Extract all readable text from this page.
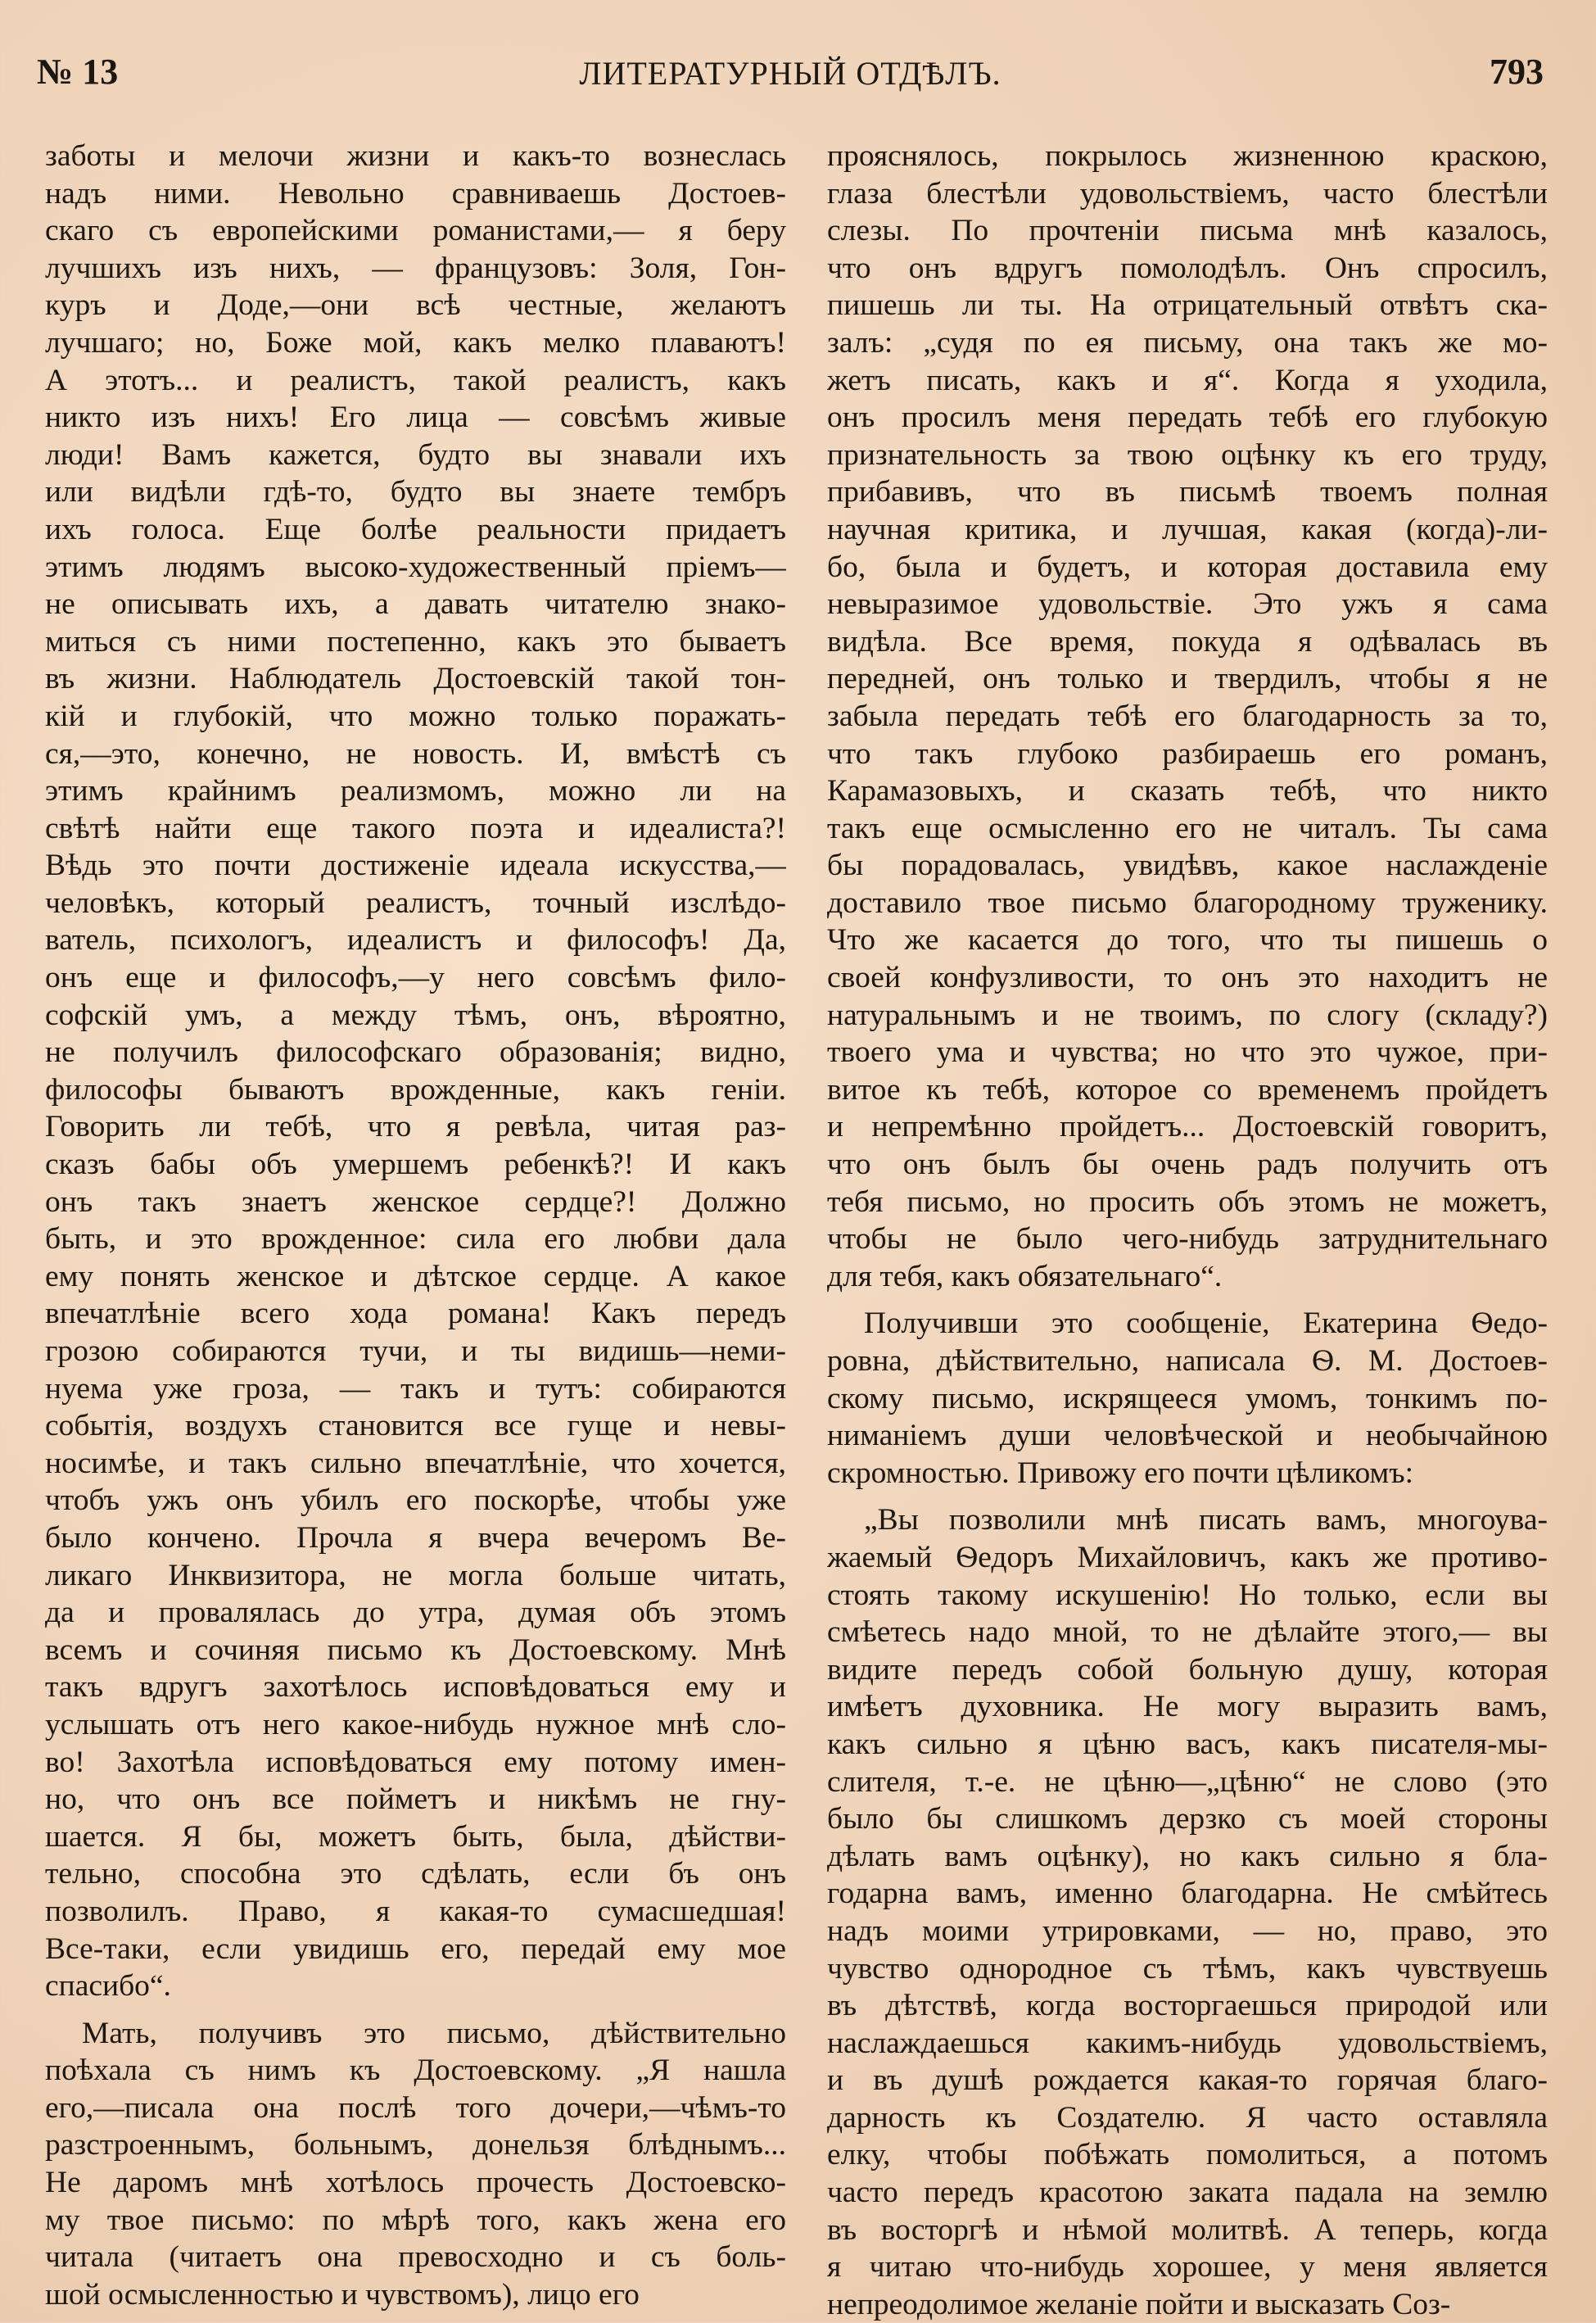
№ 13	ЛИТЕРАТУРНЫЙ ОТДѢЛЪ.	793

заботы и мелочи жизни и какъ-то вознеслась
надъ ними. Невольно сравниваешь Достоев-
скаго съ европейскими романистами,— я беру
лучшихъ изъ нихъ, — французовъ: Золя, Гон-
куръ и Доде,—они всѣ честные, желаютъ
лучшаго; но, Боже мой, какъ мелко плаваютъ!
А этотъ... и реалистъ, такой реалистъ, какъ
никто изъ нихъ! Его лица — совсѣмъ живые
люди! Вамъ кажется, будто вы знавали ихъ
или видѣли гдѣ-то, будто вы знаете тембръ
ихъ голоса. Еще болѣе реальности придаетъ
этимъ людямъ высоко-художественный пріемъ—
не описывать ихъ, а давать читателю знако-
миться съ ними постепенно, какъ это бываетъ
въ жизни. Наблюдатель Достоевскій такой тон-
кій и глубокій, что можно только поражать-
ся,—это, конечно, не новость. И, вмѣстѣ съ
этимъ крайнимъ реализмомъ, можно ли на
свѣтѣ найти еще такого поэта и идеалиста?!
Вѣдь это почти достиженіе идеала искусства,—
человѣкъ, который реалистъ, точный изслѣдо-
ватель, психологъ, идеалистъ и философъ! Да,
онъ еще и философъ,—у него совсѣмъ фило-
софскій умъ, а между тѣмъ, онъ, вѣроятно,
не получилъ философскаго образованія; видно,
философы бываютъ врожденные, какъ геніи.
Говорить ли тебѣ, что я ревѣла, читая раз-
сказъ бабы объ умершемъ ребенкѣ?! И какъ
онъ такъ знаетъ женское сердце?! Должно
быть, и это врожденное: сила его любви дала
ему понять женское и дѣтское сердце. А какое
впечатлѣніе всего хода романа! Какъ передъ
грозою собираются тучи, и ты видишь—неми-
нуема уже гроза, — такъ и тутъ: собираются
событія, воздухъ становится все гуще и невы-
носимѣе, и такъ сильно впечатлѣніе, что хочется,
чтобъ ужъ онъ убилъ его поскорѣе, чтобы уже
было кончено. Прочла я вчера вечеромъ Ве-
ликаго Инквизитора, не могла больше читать,
да и провалялась до утра, думая объ этомъ
всемъ и сочиняя письмо къ Достоевскому. Мнѣ
такъ вдругъ захотѣлось исповѣдоваться ему и
услышать отъ него какое-нибудь нужное мнѣ сло-
во! Захотѣла исповѣдоваться ему потому имен-
но, что онъ все пойметъ и никѣмъ не гну-
шается. Я бы, можетъ быть, была, дѣйстви-
тельно, способна это сдѣлать, если бъ онъ
позволилъ. Право, я какая-то сумасшедшая!
Все-таки, если увидишь его, передай ему мое
спасибо“.

Мать, получивъ это письмо, дѣйствительно
поѣхала съ нимъ къ Достоевскому. „Я нашла
его,—писала она послѣ того дочери,—чѣмъ-то
разстроеннымъ, больнымъ, донельзя блѣднымъ...
Не даромъ мнѣ хотѣлось прочесть Достоевско-
му твое письмо: по мѣрѣ того, какъ жена его
читала (читаетъ она превосходно и съ боль-
шой осмысленностью и чувствомъ), лицо его

прояснялось, покрылось жизненною краскою,
глаза блестѣли удовольствіемъ, часто блестѣли
слезы. По прочтеніи письма мнѣ казалось,
что онъ вдругъ помолодѣлъ. Онъ спросилъ,
пишешь ли ты. На отрицательный отвѣтъ ска-
залъ: „судя по ея письму, она такъ же мо-
жетъ писать, какъ и я“. Когда я уходила,
онъ просилъ меня передать тебѣ его глубокую
признательность за твою оцѣнку къ его труду,
прибавивъ, что въ письмѣ твоемъ полная
научная критика, и лучшая, какая (когда)-ли-
бо, была и будетъ, и которая доставила ему
невыразимое удовольствіе. Это ужъ я сама
видѣла. Все время, покуда я одѣвалась въ
передней, онъ только и твердилъ, чтобы я не
забыла передать тебѣ его благодарность за то,
что такъ глубоко разбираешь его романъ,
Карамазовыхъ, и сказать тебѣ, что никто
такъ еще осмысленно его не читалъ. Ты сама
бы порадовалась, увидѣвъ, какое наслажденіе
доставило твое письмо благородному труженику.
Что же касается до того, что ты пишешь о
своей конфузливости, то онъ это находитъ не
натуральнымъ и не твоимъ, по слогу (складу?)
твоего ума и чувства; но что это чужое, при-
витое къ тебѣ, которое со временемъ пройдетъ
и непремѣнно пройдетъ... Достоевскій говоритъ,
что онъ былъ бы очень радъ получить отъ
тебя письмо, но просить объ этомъ не можетъ,
чтобы не было чего-нибудь затруднительнаго
для тебя, какъ обязательнаго“.

Получивши это сообщеніе, Екатерина Ѳедо-
ровна, дѣйствительно, написала Ѳ. М. Достоев-
скому письмо, искрящееся умомъ, тонкимъ по-
ниманіемъ души человѣческой и необычайною
скромностью. Привожу его почти цѣликомъ:

„Вы позволили мнѣ писать вамъ, многоува-
жаемый Ѳедоръ Михайловичъ, какъ же противо-
стоять такому искушенію! Но только, если вы
смѣетесь надо мной, то не дѣлайте этого,— вы
видите передъ собой больную душу, которая
имѣетъ духовника. Не могу выразить вамъ,
какъ сильно я цѣню васъ, какъ писателя-мы-
слителя, т.-е. не цѣню—„цѣню“ не слово (это
было бы слишкомъ дерзко съ моей стороны
дѣлать вамъ оцѣнку), но какъ сильно я бла-
годарна вамъ, именно благодарна. Не смѣйтесь
надъ моими утрировками, — но, право, это
чувство однородное съ тѣмъ, какъ чувствуешь
въ дѣтствѣ, когда восторгаешься природой или
наслаждаешься какимъ-нибудь удовольствіемъ,
и въ душѣ рождается какая-то горячая благо-
дарность къ Создателю. Я часто оставляла
елку, чтобы побѣжать помолиться, а потомъ
часто передъ красотою заката падала на землю
въ восторгѣ и нѣмой молитвѣ. А теперь, когда
я читаю что-нибудь хорошее, у меня является
непреодолимое желаніе пойти и высказать Соз-
